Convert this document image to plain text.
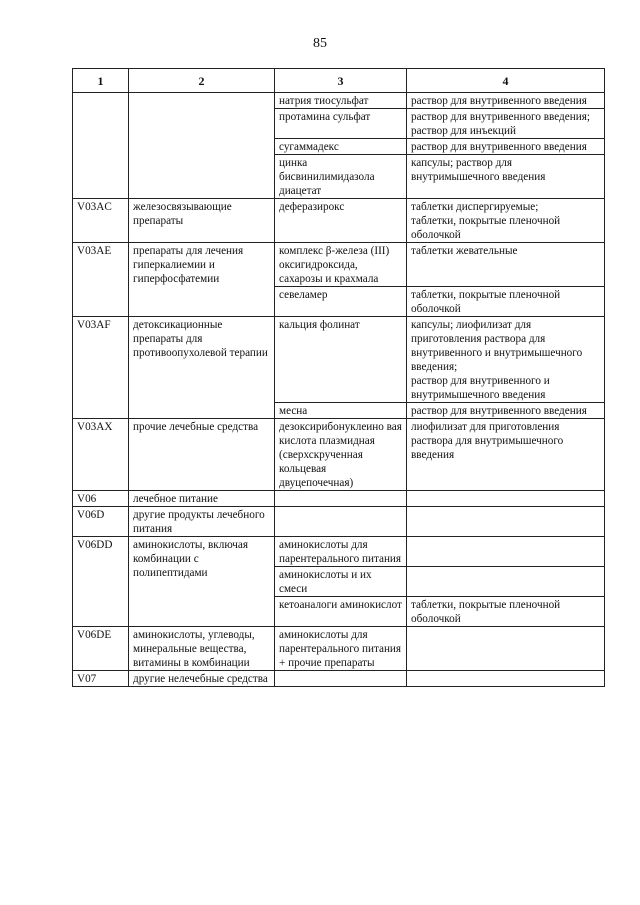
85
1	2	3	4
		натрия тиосульфат	раствор для внутривенного введения
		протамина сульфат	раствор для внутривенного введения;
раствор для инъекций
		сугаммадекс	раствор для внутривенного введения
		цинка бисвинилимидазола диацетат	капсулы; раствор для внутримышечного введения
V03AC	железосвязывающие препараты	деферазирокс	таблетки диспергируемые;
таблетки, покрытые пленочной оболочкой
V03AE	препараты для лечения гиперкалиемии и гиперфосфатемии	комплекс β-железа (III) оксигидроксида, сахарозы и крахмала	таблетки жевательные
		севеламер	таблетки, покрытые пленочной оболочкой
V03AF	детоксикационные препараты для противоопухолевой терапии	кальция фолинат	капсулы; лиофилизат для приготовления раствора для внутривенного и внутримышечного введения;
раствор для внутривенного и внутримышечного введения
		месна	раствор для внутривенного введения
V03AX	прочие лечебные средства	дезоксирибонуклеино вая кислота плазмидная (сверхскрученная кольцевая двуцепочечная)	лиофилизат для приготовления раствора для внутримышечного введения
V06	лечебное питание		
V06D	другие продукты лечебного питания		
V06DD	аминокислоты, включая комбинации с полипептидами	аминокислоты для парентерального питания	
		аминокислоты и их смеси	
		кетоаналоги аминокислот	таблетки, покрытые пленочной оболочкой
V06DE	аминокислоты, углеводы, минеральные вещества, витамины в комбинации	аминокислоты для парентерального питания + прочие препараты	
V07	другие нелечебные средства		
